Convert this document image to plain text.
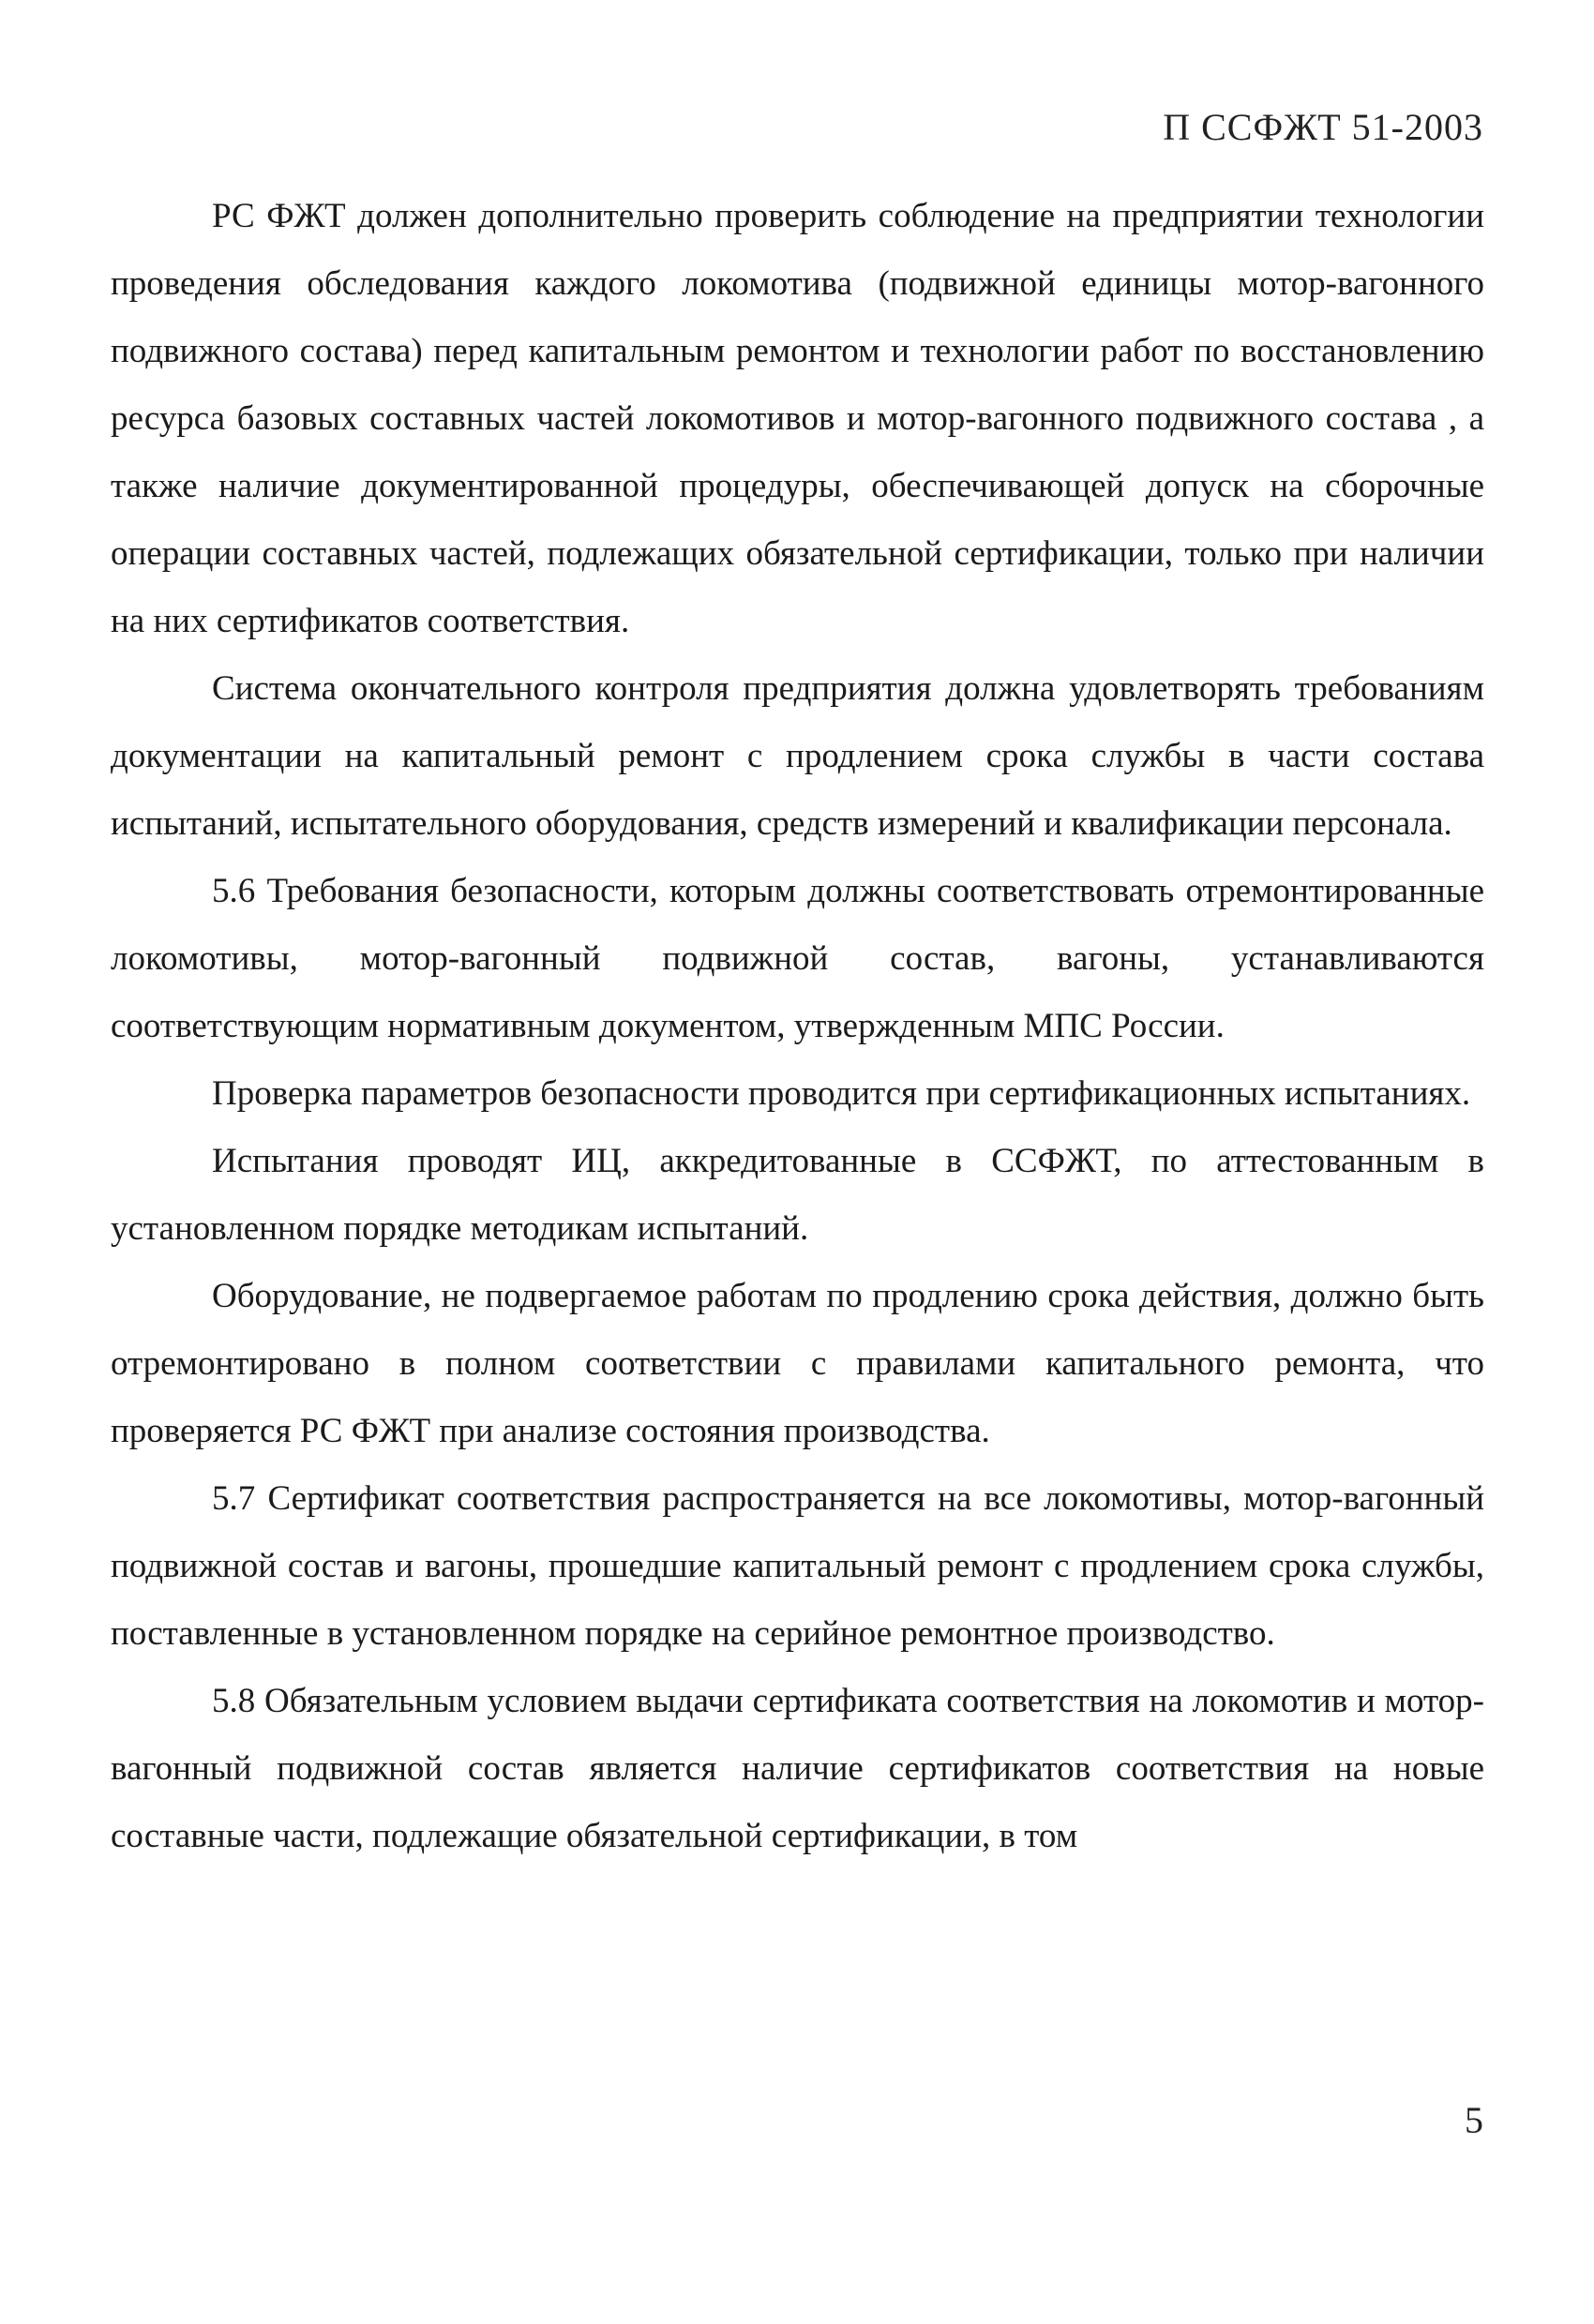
П ССФЖТ 51-2003

РС ФЖТ должен дополнительно проверить соблюдение на предприятии технологии проведения обследования каждого локомотива (подвижной единицы мотор-вагонного подвижного состава) перед капитальным ремонтом и технологии работ по восстановлению ресурса базовых составных частей локомотивов и мотор-вагонного подвижного состава , а также наличие документированной процедуры, обеспечивающей допуск на сборочные операции составных частей, подлежащих обязательной сертификации, только при наличии на них сертификатов соответствия.

Система окончательного контроля предприятия должна удовлетворять требованиям документации на капитальный ремонт с продлением срока службы в части состава испытаний, испытательного оборудования, средств измерений и квалификации персонала.

5.6 Требования безопасности, которым должны соответствовать отремонтированные локомотивы, мотор-вагонный подвижной состав, вагоны, устанавливаются соответствующим нормативным документом, утвержденным МПС России.

Проверка параметров безопасности проводится при сертификационных испытаниях.

Испытания проводят ИЦ, аккредитованные в ССФЖТ, по аттестованным в установленном порядке методикам испытаний.

Оборудование, не подвергаемое работам по продлению срока действия, должно быть отремонтировано в полном соответствии с правилами капитального ремонта, что проверяется РС ФЖТ при анализе состояния производства.

5.7 Сертификат соответствия распространяется на все локомотивы, мотор-вагонный подвижной состав и вагоны, прошедшие капитальный ремонт с продлением срока службы, поставленные в установленном порядке на серийное ремонтное производство.

5.8 Обязательным условием выдачи сертификата соответствия на локомотив и мотор-вагонный подвижной состав является наличие сертификатов соответствия на новые составные части, подлежащие обязательной сертификации, в том

5
